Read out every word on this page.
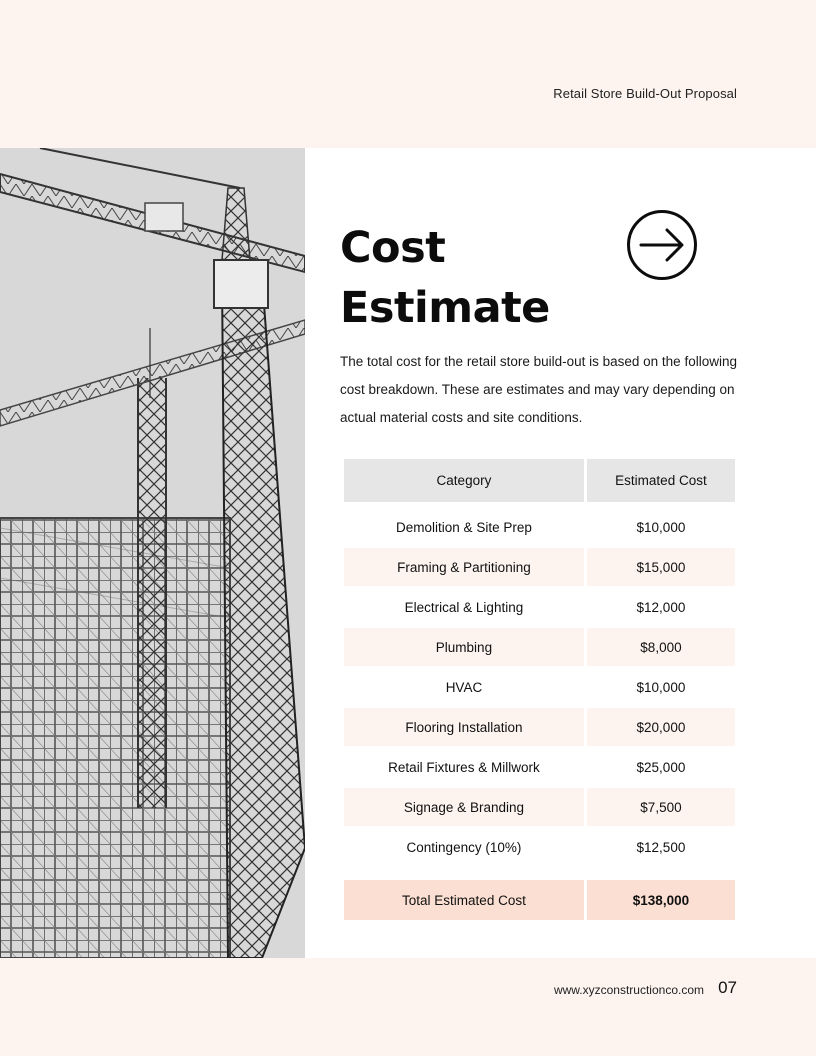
Retail Store Build-Out Proposal
Cost
Estimate

The total cost for the retail store build-out is based on the following cost breakdown. These are estimates and may vary depending on actual material costs and site conditions.

Category	Estimated Cost
Demolition & Site Prep	$10,000
Framing & Partitioning	$15,000
Electrical & Lighting	$12,000
Plumbing	$8,000
HVAC	$10,000
Flooring Installation	$20,000
Retail Fixtures & Millwork	$25,000
Signage & Branding	$7,500
Contingency (10%)	$12,500
Total Estimated Cost	$138,000
www.xyzconstructionco.com 07
